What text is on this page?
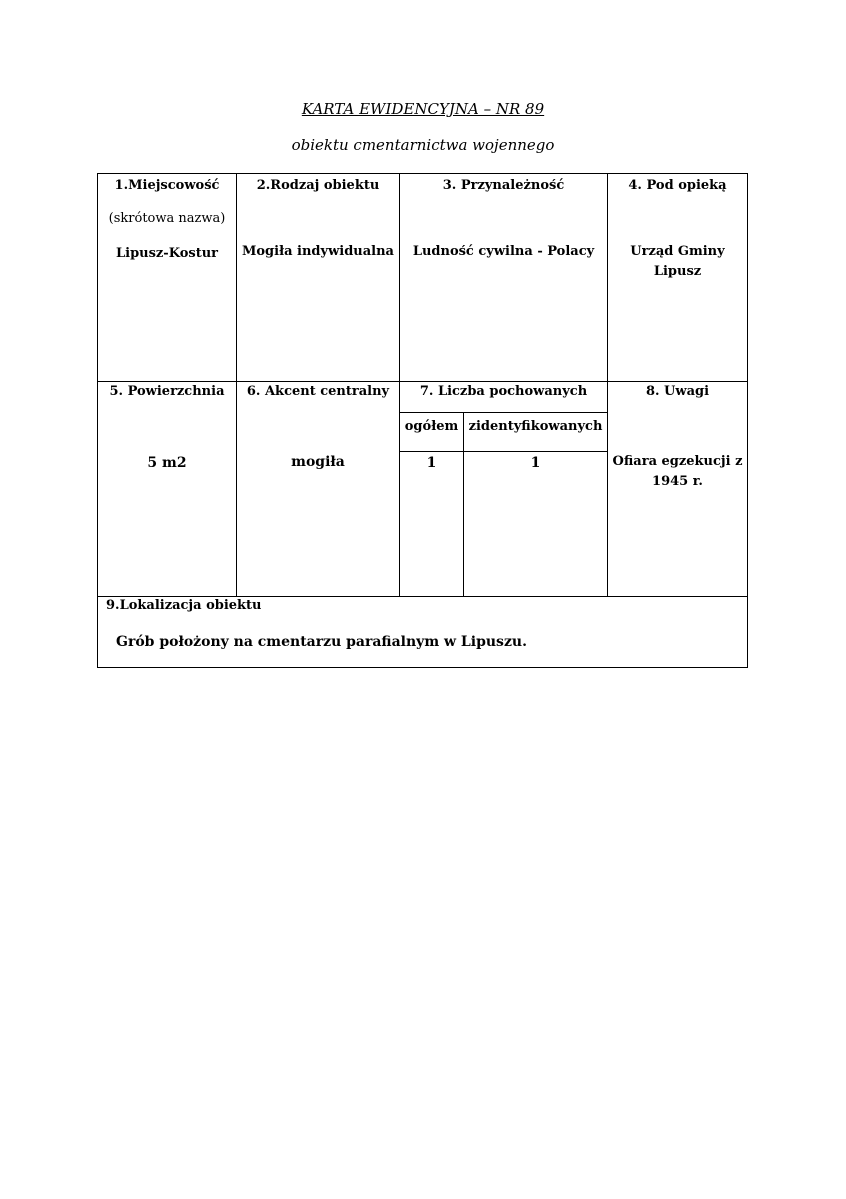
KARTA EWIDENCYJNA – NR 89
obiektu cmentarnictwa wojennego
1.Miejscowość
(skrótowa nazwa)
Lipusz-Kostur
2.Rodzaj obiektu
Mogiła indywidualna
3. Przynależność
Ludność cywilna - Polacy
4. Pod opieką
Urząd Gminy
Lipusz
5. Powierzchnia
5 m2
6. Akcent centralny
mogiła
7. Liczba pochowanych
ogółem zidentyfikowanych
1	1
8. Uwagi
Ofiara egzekucji z
1945 r.
9.Lokalizacja obiektu
Grób położony na cmentarzu parafialnym w Lipuszu.
